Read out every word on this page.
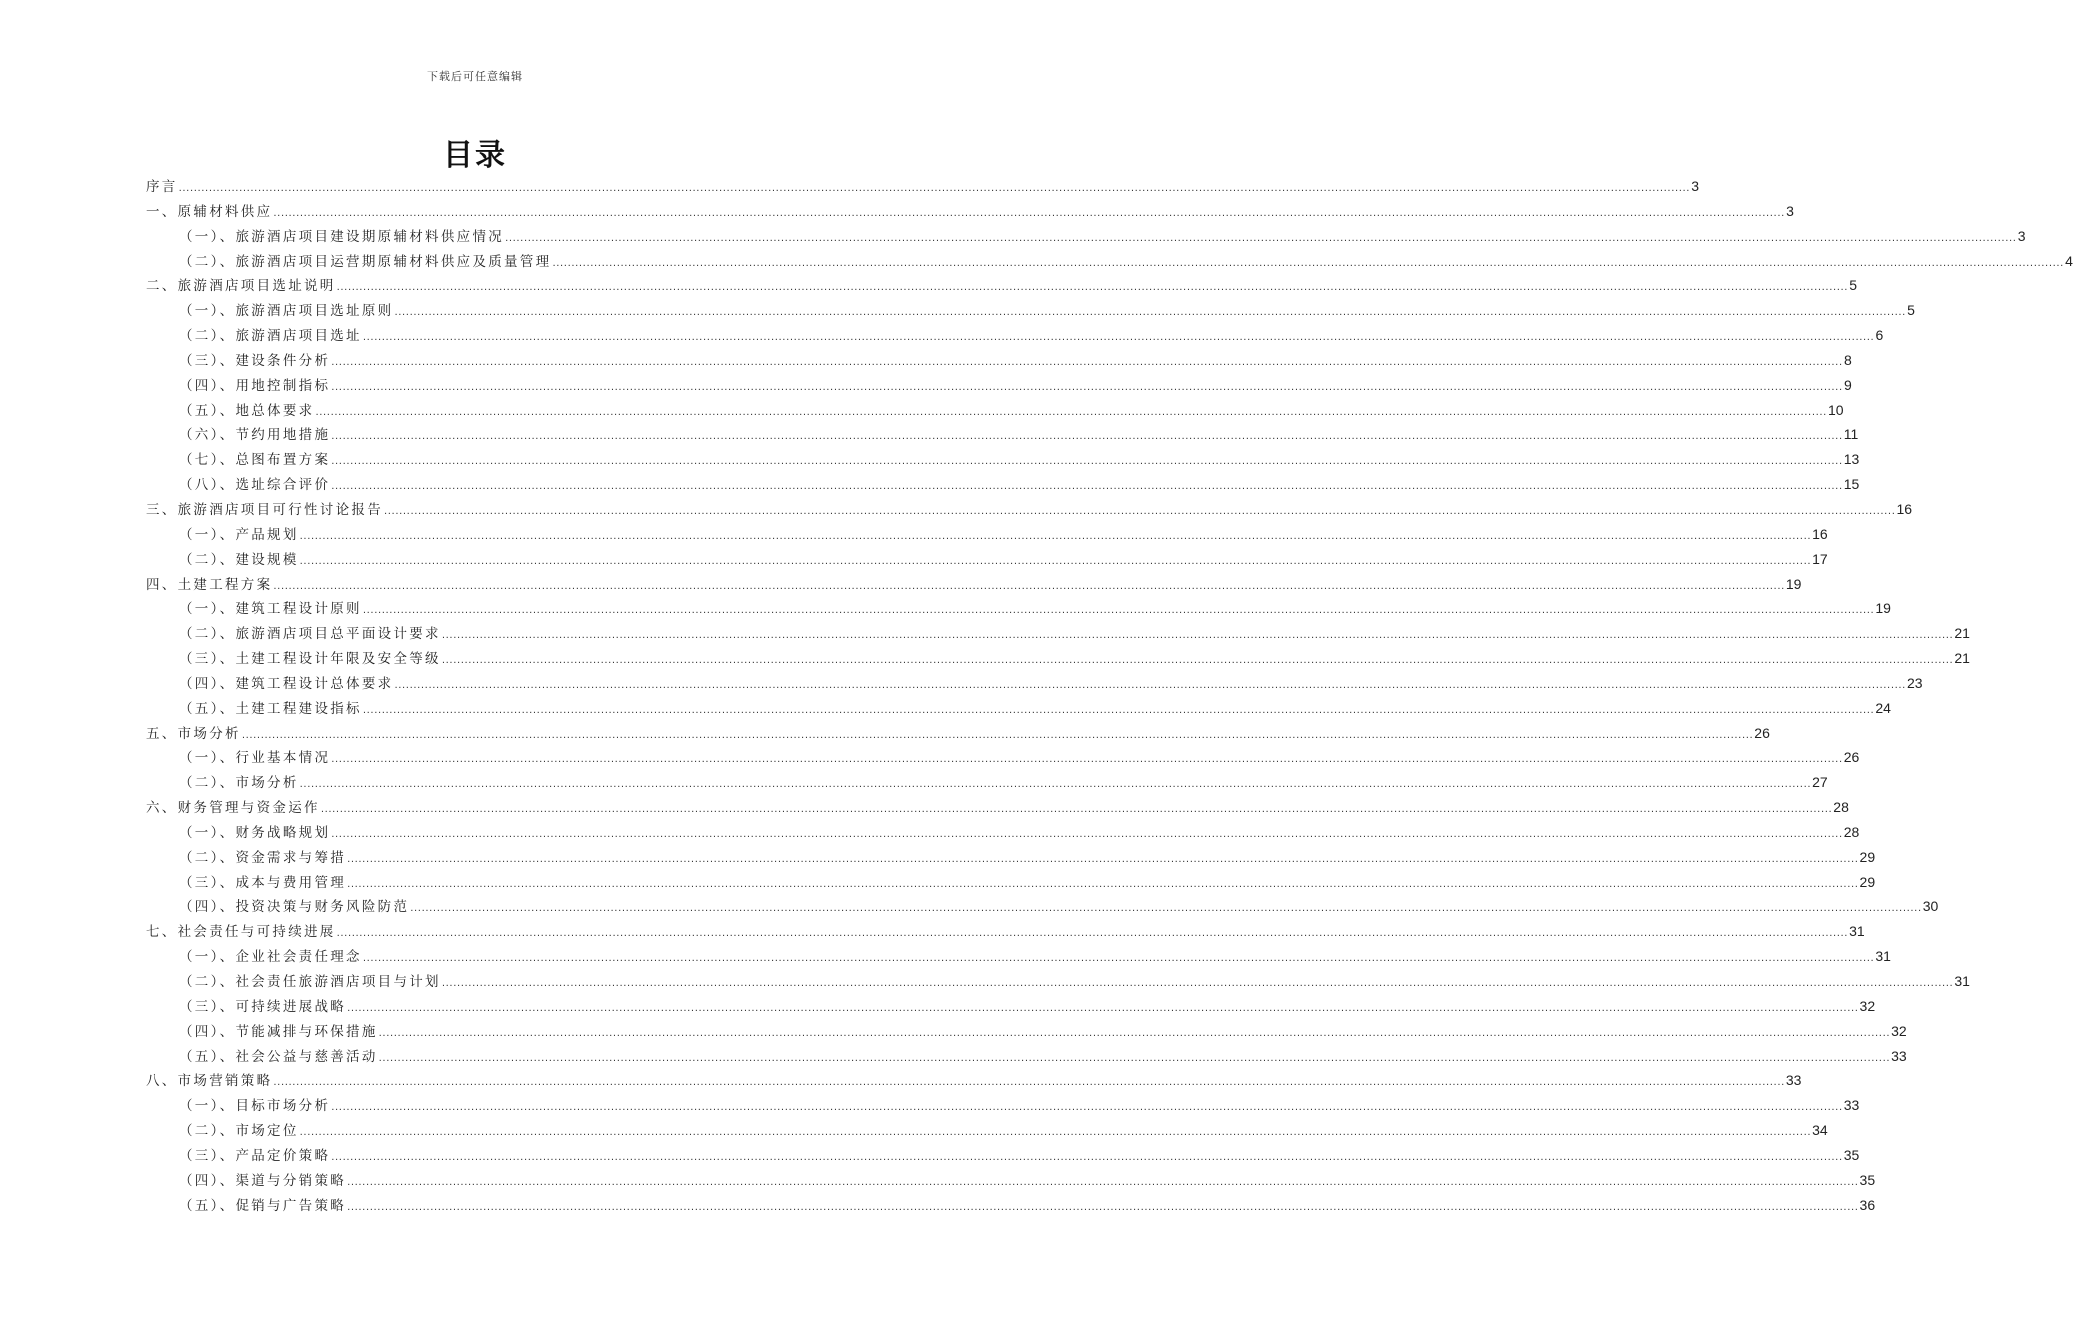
下载后可任意编辑
目录
序言 ................................................................................................................................................................................................................................................................................................................................................................................................................ 3
一、原辅材料供应 ................................................................................................................................................................................................................................................................................................................................................................................................................ 3
（一）、旅游酒店项目建设期原辅材料供应情况 ................................................................................................................................................................................................................................................................................................................................................................................................................ 3
（二）、旅游酒店项目运营期原辅材料供应及质量管理 ................................................................................................................................................................................................................................................................................................................................................................................................................ 4
二、旅游酒店项目选址说明 ................................................................................................................................................................................................................................................................................................................................................................................................................ 5
（一）、旅游酒店项目选址原则 ................................................................................................................................................................................................................................................................................................................................................................................................................ 5
（二）、旅游酒店项目选址 ................................................................................................................................................................................................................................................................................................................................................................................................................ 6
（三）、建设条件分析 ................................................................................................................................................................................................................................................................................................................................................................................................................ 8
（四）、用地控制指标 ................................................................................................................................................................................................................................................................................................................................................................................................................ 9
（五）、地总体要求 ................................................................................................................................................................................................................................................................................................................................................................................................................ 10
（六）、节约用地措施 ................................................................................................................................................................................................................................................................................................................................................................................................................ 11
（七）、总图布置方案 ................................................................................................................................................................................................................................................................................................................................................................................................................ 13
（八）、选址综合评价 ................................................................................................................................................................................................................................................................................................................................................................................................................ 15
三、旅游酒店项目可行性讨论报告 ................................................................................................................................................................................................................................................................................................................................................................................................................ 16
（一）、产品规划 ................................................................................................................................................................................................................................................................................................................................................................................................................ 16
（二）、建设规模 ................................................................................................................................................................................................................................................................................................................................................................................................................ 17
四、土建工程方案 ................................................................................................................................................................................................................................................................................................................................................................................................................ 19
（一）、建筑工程设计原则 ................................................................................................................................................................................................................................................................................................................................................................................................................ 19
（二）、旅游酒店项目总平面设计要求 ................................................................................................................................................................................................................................................................................................................................................................................................................ 21
（三）、土建工程设计年限及安全等级 ................................................................................................................................................................................................................................................................................................................................................................................................................ 21
（四）、建筑工程设计总体要求 ................................................................................................................................................................................................................................................................................................................................................................................................................ 23
（五）、土建工程建设指标 ................................................................................................................................................................................................................................................................................................................................................................................................................ 24
五、市场分析 ................................................................................................................................................................................................................................................................................................................................................................................................................ 26
（一）、行业基本情况 ................................................................................................................................................................................................................................................................................................................................................................................................................ 26
（二）、市场分析 ................................................................................................................................................................................................................................................................................................................................................................................................................ 27
六、财务管理与资金运作 ................................................................................................................................................................................................................................................................................................................................................................................................................ 28
（一）、财务战略规划 ................................................................................................................................................................................................................................................................................................................................................................................................................ 28
（二）、资金需求与筹措 ................................................................................................................................................................................................................................................................................................................................................................................................................ 29
（三）、成本与费用管理 ................................................................................................................................................................................................................................................................................................................................................................................................................ 29
（四）、投资决策与财务风险防范 ................................................................................................................................................................................................................................................................................................................................................................................................................ 30
七、社会责任与可持续进展 ................................................................................................................................................................................................................................................................................................................................................................................................................ 31
（一）、企业社会责任理念 ................................................................................................................................................................................................................................................................................................................................................................................................................ 31
（二）、社会责任旅游酒店项目与计划 ................................................................................................................................................................................................................................................................................................................................................................................................................ 31
（三）、可持续进展战略 ................................................................................................................................................................................................................................................................................................................................................................................................................ 32
（四）、节能减排与环保措施 ................................................................................................................................................................................................................................................................................................................................................................................................................ 32
（五）、社会公益与慈善活动 ................................................................................................................................................................................................................................................................................................................................................................................................................ 33
八、市场营销策略 ................................................................................................................................................................................................................................................................................................................................................................................................................ 33
（一）、目标市场分析 ................................................................................................................................................................................................................................................................................................................................................................................................................ 33
（二）、市场定位 ................................................................................................................................................................................................................................................................................................................................................................................................................ 34
（三）、产品定价策略 ................................................................................................................................................................................................................................................................................................................................................................................................................ 35
（四）、渠道与分销策略 ................................................................................................................................................................................................................................................................................................................................................................................................................ 35
（五）、促销与广告策略 ................................................................................................................................................................................................................................................................................................................................................................................................................ 36
